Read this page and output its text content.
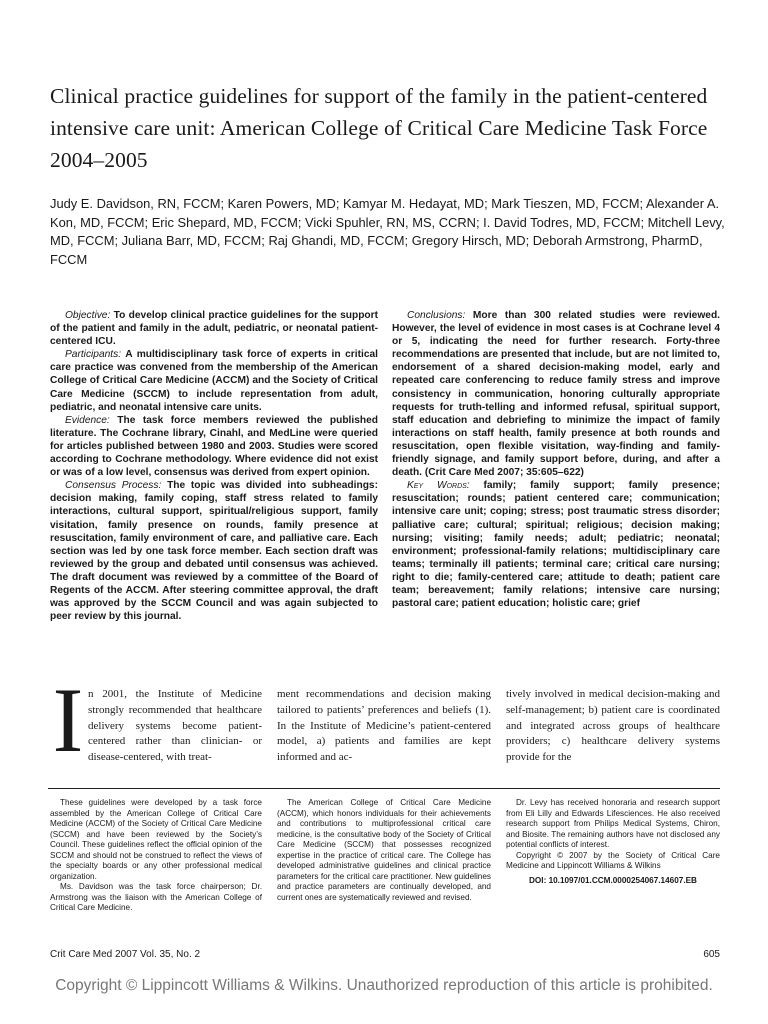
Clinical practice guidelines for support of the family in the patient-centered intensive care unit: American College of Critical Care Medicine Task Force 2004–2005

Judy E. Davidson, RN, FCCM; Karen Powers, MD; Kamyar M. Hedayat, MD; Mark Tieszen, MD, FCCM; Alexander A. Kon, MD, FCCM; Eric Shepard, MD, FCCM; Vicki Spuhler, RN, MS, CCRN; I. David Todres, MD, FCCM; Mitchell Levy, MD, FCCM; Juliana Barr, MD, FCCM; Raj Ghandi, MD, FCCM; Gregory Hirsch, MD; Deborah Armstrong, PharmD, FCCM

Objective: To develop clinical practice guidelines for the support of the patient and family in the adult, pediatric, or neonatal patient-centered ICU.

Participants: A multidisciplinary task force of experts in critical care practice was convened from the membership of the American College of Critical Care Medicine (ACCM) and the Society of Critical Care Medicine (SCCM) to include representation from adult, pediatric, and neonatal intensive care units.

Evidence: The task force members reviewed the published literature. The Cochrane library, Cinahl, and MedLine were queried for articles published between 1980 and 2003. Studies were scored according to Cochrane methodology. Where evidence did not exist or was of a low level, consensus was derived from expert opinion.

Consensus Process: The topic was divided into subheadings: decision making, family coping, staff stress related to family interactions, cultural support, spiritual/religious support, family visitation, family presence on rounds, family presence at resuscitation, family environment of care, and palliative care. Each section was led by one task force member. Each section draft was reviewed by the group and debated until consensus was achieved. The draft document was reviewed by a committee of the Board of Regents of the ACCM. After steering committee approval, the draft was approved by the SCCM Council and was again subjected to peer review by this journal.

Conclusions: More than 300 related studies were reviewed. However, the level of evidence in most cases is at Cochrane level 4 or 5, indicating the need for further research. Forty-three recommendations are presented that include, but are not limited to, endorsement of a shared decision-making model, early and repeated care conferencing to reduce family stress and improve consistency in communication, honoring culturally appropriate requests for truth-telling and informed refusal, spiritual support, staff education and debriefing to minimize the impact of family interactions on staff health, family presence at both rounds and resuscitation, open flexible visitation, way-finding and family-friendly signage, and family support before, during, and after a death. (Crit Care Med 2007; 35:605–622)

Key Words: family; family support; family presence; resuscitation; rounds; patient centered care; communication; intensive care unit; coping; stress; post traumatic stress disorder; palliative care; cultural; spiritual; religious; decision making; nursing; visiting; family needs; adult; pediatric; neonatal; environment; professional-family relations; multidisciplinary care teams; terminally ill patients; terminal care; critical care nursing; right to die; family-centered care; attitude to death; patient care team; bereavement; family relations; intensive care nursing; pastoral care; patient education; holistic care; grief

I n 2001, the Institute of Medicine strongly recommended that healthcare delivery systems become patient-centered rather than clinician- or disease-centered, with treat-

ment recommendations and decision making tailored to patients’ preferences and beliefs (1). In the Institute of Medicine’s patient-centered model, a) patients and families are kept informed and ac-

tively involved in medical decision-making and self-management; b) patient care is coordinated and integrated across groups of healthcare providers; c) healthcare delivery systems provide for the

These guidelines were developed by a task force assembled by the American College of Critical Care Medicine (ACCM) of the Society of Critical Care Medicine (SCCM) and have been reviewed by the Society’s Council. These guidelines reflect the official opinion of the SCCM and should not be construed to reflect the views of the specialty boards or any other professional medical organization.

Ms. Davidson was the task force chairperson; Dr. Armstrong was the liaison with the American College of Critical Care Medicine.

The American College of Critical Care Medicine (ACCM), which honors individuals for their achievements and contributions to multiprofessional critical care medicine, is the consultative body of the Society of Critical Care Medicine (SCCM) that possesses recognized expertise in the practice of critical care. The College has developed administrative guidelines and clinical practice parameters for the critical care practitioner. New guidelines and practice parameters are continually developed, and current ones are systematically reviewed and revised.

Dr. Levy has received honoraria and research support from Eli Lilly and Edwards Lifesciences. He also received research support from Philips Medical Systems, Chiron, and Biosite. The remaining authors have not disclosed any potential conflicts of interest.

Copyright © 2007 by the Society of Critical Care Medicine and Lippincott Williams & Wilkins

DOI: 10.1097/01.CCM.0000254067.14607.EB

Crit Care Med 2007 Vol. 35, No. 2	605
Copyright © Lippincott Williams & Wilkins. Unauthorized reproduction of this article is prohibited.
